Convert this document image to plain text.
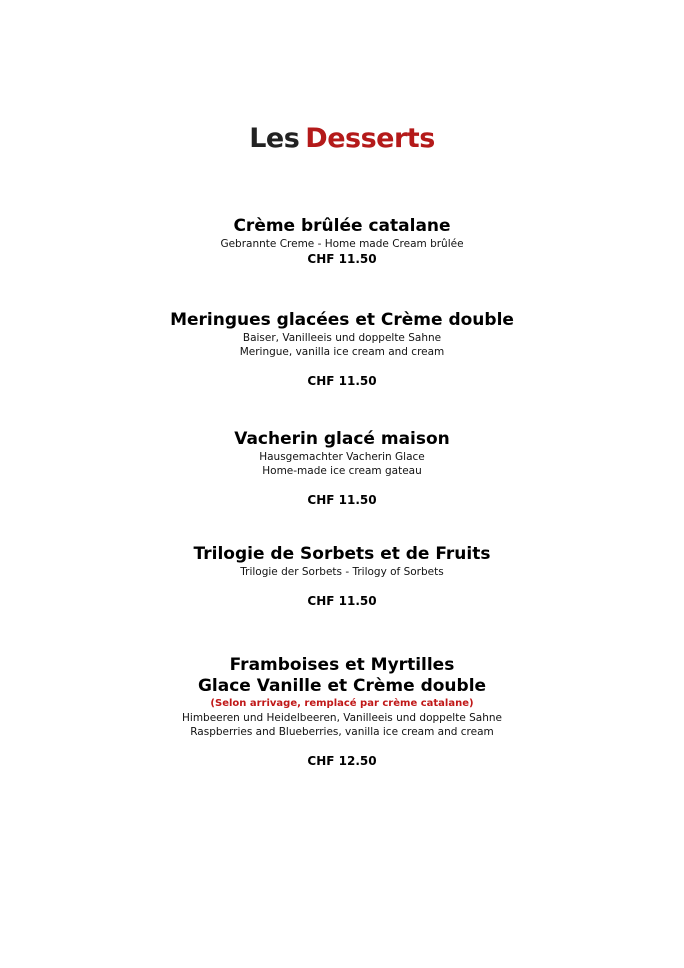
Les Desserts

Crème brûlée catalane

Gebrannte Creme - Home made Cream brûlée

CHF 11.50

Meringues glacées et Crème double

Baiser, Vanilleeis und doppelte Sahne

Meringue, vanilla ice cream and cream

CHF 11.50

Vacherin glacé maison

Hausgemachter Vacherin Glace

Home-made ice cream gateau

CHF 11.50

Trilogie de Sorbets et de Fruits

Trilogie der Sorbets - Trilogy of Sorbets

CHF 11.50

Framboises et Myrtilles

Glace Vanille et Crème double

(Selon arrivage, remplacé par crème catalane)

Himbeeren und Heidelbeeren, Vanilleeis und doppelte Sahne

Raspberries and Blueberries, vanilla ice cream and cream

CHF 12.50
